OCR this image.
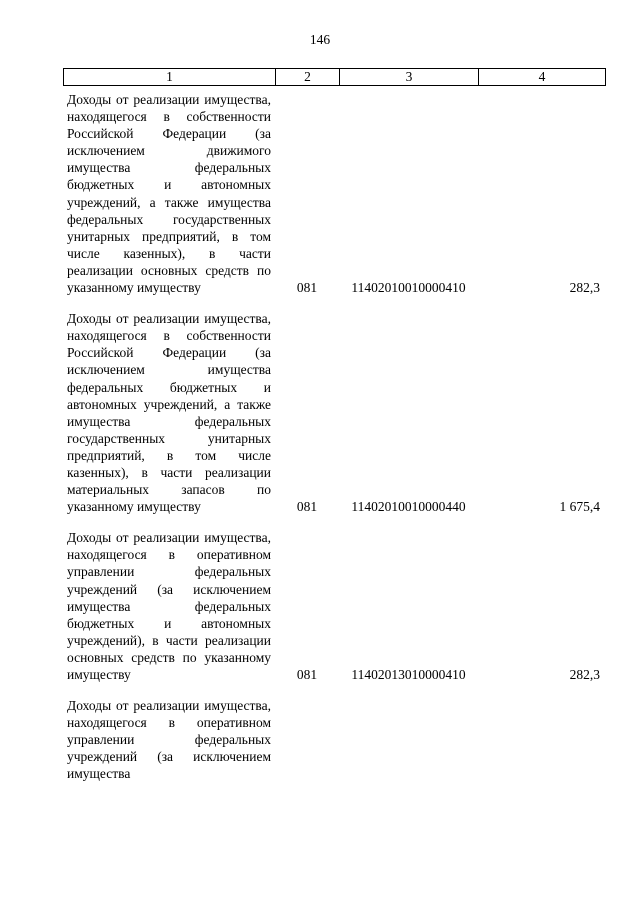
146
1	2	3	4
Доходы от реализации имущества, находящегося в собственности Российской Федерации (за исключением движимого имущества федеральных бюджетных и автономных учреждений, а также имущества федеральных государственных унитарных предприятий, в том числе казенных), в части реализации основных средств по указанному имуществу	081	11402010010000410	282,3
Доходы от реализации имущества, находящегося в собственности Российской Федерации (за исключением имущества федеральных бюджетных и автономных учреждений, а также имущества федеральных государственных унитарных предприятий, в том числе казенных), в части реализации материальных запасов по указанному имуществу	081	11402010010000440	1 675,4
Доходы от реализации имущества, находящегося в оперативном управлении федеральных учреждений (за исключением имущества федеральных бюджетных и автономных учреждений), в части реализации основных средств по указанному имуществу	081	11402013010000410	282,3
Доходы от реализации имущества, находящегося в оперативном управлении федеральных учреждений (за исключением имущества
